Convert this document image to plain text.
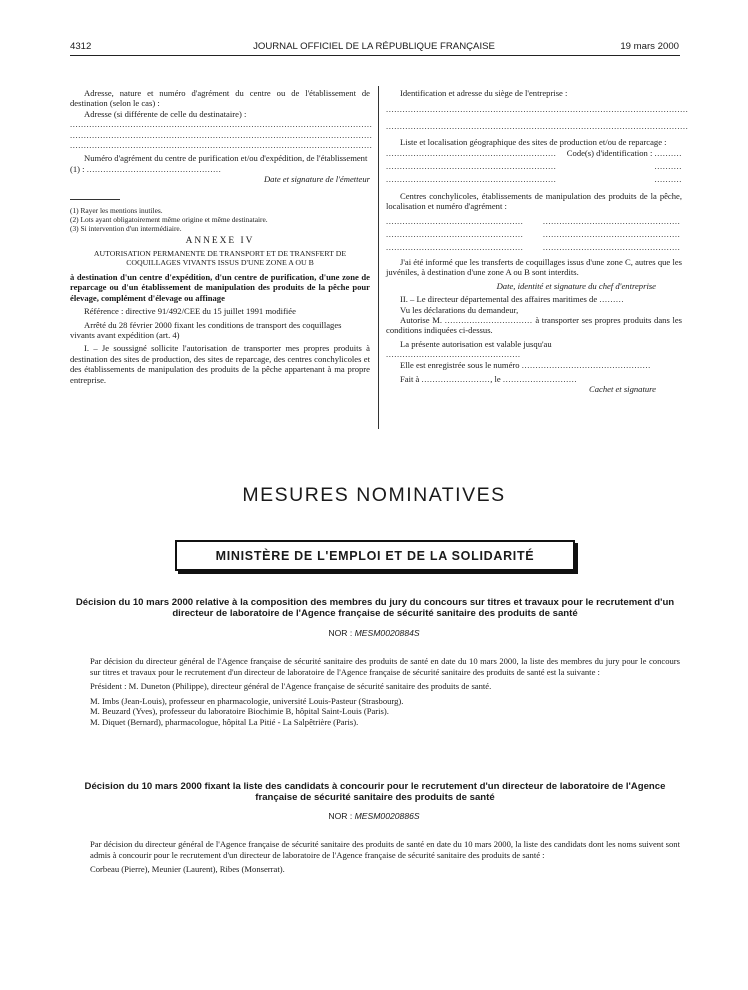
4312	JOURNAL OFFICIEL DE LA RÉPUBLIQUE FRANÇAISE	19 mars 2000

Adresse, nature et numéro d'agrément du centre ou de l'établissement de destination (selon le cas) :

Adresse (si différente de celle du destinataire) :

..............................................................................................................
..............................................................................................................
..............................................................................................................

Numéro d'agrément du centre de purification et/ou d'expédition, de l'établissement (1) : .................................................

Date et signature de l'émetteur

(1) Rayer les mentions inutiles.

(2) Lots ayant obligatoirement même origine et même destinataire.

(3) Si intervention d'un intermédiaire.

ANNEXE IV

AUTORISATION PERMANENTE DE TRANSPORT ET DE TRANSFERT DE COQUILLAGES VIVANTS ISSUS D'UNE ZONE A OU B

à destination d'un centre d'expédition, d'un centre de purification, d'une zone de reparcage ou d'un établissement de manipulation des produits de la pêche pour élevage, complément d'élevage ou affinage

Référence : directive 91/492/CEE du 15 juillet 1991 modifiée

Arrêté du 28 février 2000 fixant les conditions de transport des coquillages vivants avant expédition (art. 4)

I. – Je soussigné sollicite l'autorisation de transporter mes propres produits à destination des sites de production, des sites de reparcage, des centres conchylicoles et des établissements de manipulation des produits de la pêche appartenant à ma propre entreprise.

Identification et adresse du siège de l'entreprise :

..............................................................................................................
..............................................................................................................

Liste et localisation géographique des sites de production et/ou de reparcage :

.............................................................. Code(s) d'identification : ..........
..............................................................	..........
..............................................................	..........

Centres conchylicoles, établissements de manipulation des produits de la pêche, localisation et numéro d'agrément :

.................................................. ..................................................
.................................................. ..................................................
.................................................. ..................................................

J'ai été informé que les transferts de coquillages issus d'une zone C, autres que les juvéniles, à destination d'une zone A ou B sont interdits.

Date, identité et signature du chef d'entreprise

II. – Le directeur départemental des affaires maritimes de .........

Vu les déclarations du demandeur,

Autorise M. ................................ à transporter ses propres produits dans les conditions indiquées ci-dessus.

La présente autorisation est valable jusqu'au .................................................

Elle est enregistrée sous le numéro ...............................................

Fait à ........................., le ...........................

Cachet et signature

MESURES NOMINATIVES
MINISTÈRE DE L'EMPLOI ET DE LA SOLIDARITÉ
Décision du 10 mars 2000 relative à la composition des membres du jury du concours sur titres et travaux pour le recrutement d'un directeur de laboratoire de l'Agence française de sécurité sanitaire des produits de santé
NOR : MESM0020884S

Par décision du directeur général de l'Agence française de sécurité sanitaire des produits de santé en date du 10 mars 2000, la liste des membres du jury pour le concours sur titres et travaux pour le recrutement d'un directeur de laboratoire de l'Agence française de sécurité sanitaire des produits de santé est la suivante :

Président : M. Duneton (Philippe), directeur général de l'Agence française de sécurité sanitaire des produits de santé.

M. Imbs (Jean-Louis), professeur en pharmacologie, université Louis-Pasteur (Strasbourg).

M. Beuzard (Yves), professeur du laboratoire Biochimie B, hôpital Saint-Louis (Paris).

M. Diquet (Bernard), pharmacologue, hôpital La Pitié - La Salpêtrière (Paris).

Décision du 10 mars 2000 fixant la liste des candidats à concourir pour le recrutement d'un directeur de laboratoire de l'Agence française de sécurité sanitaire des produits de santé
NOR : MESM0020886S

Par décision du directeur général de l'Agence française de sécurité sanitaire des produits de santé en date du 10 mars 2000, la liste des candidats dont les noms suivent sont admis à concourir pour le recrutement d'un directeur de laboratoire de l'Agence française de sécurité sanitaire des produits de santé :

Corbeau (Pierre), Meunier (Laurent), Ribes (Monserrat).
